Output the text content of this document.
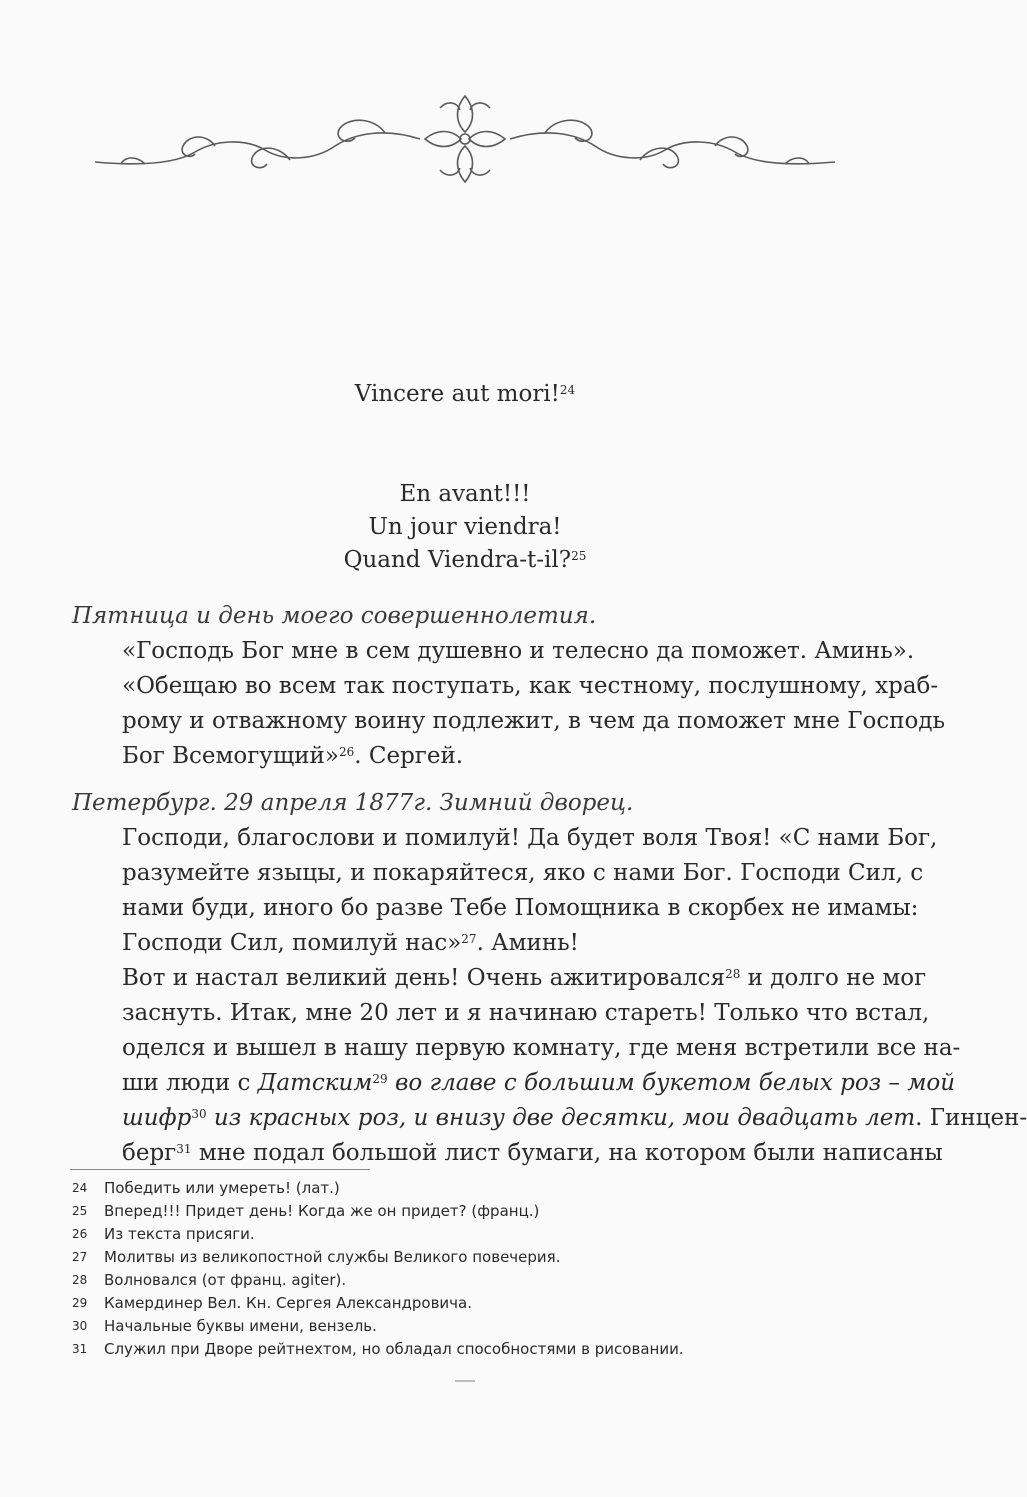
Vincere aut mori!$^{24}$
En avant!!!
Un jour viendra!
Quand Viendra-t-il?$^{25}$
Пятница и день моего совершеннолетия.
«Господь Бог мне в сем душевно и телесно да поможет. Аминь».
«Обещаю во всем так поступать, как честному, послушному, храб-
рому и отважному воину подлежит, в чем да поможет мне Господь
Бог Всемогущий»$^{26}$. Сергей.
Петербург. 29 апреля 1877г. Зимний дворец.
Господи, благослови и помилуй! Да будет воля Твоя! «С нами Бог,
разумейте языцы, и покаряйтеся, яко с нами Бог. Господи Сил, с
нами буди, иного бо разве Тебе Помощника в скорбех не имамы:
Господи Сил, помилуй нас»$^{27}$. Аминь!
Вот и настал великий день! Очень ажитировался$^{28}$ и долго не мог
заснуть. Итак, мне 20 лет и я начинаю стареть! Только что встал,
оделся и вышел в нашу первую комнату, где меня встретили все на-
ши люди с Датским$^{29}$ во главе с большим букетом белых роз – мой
шифр$^{30}$ из красных роз, и внизу две десятки, мои двадцать лет. Гинцен-
берг$^{31}$ мне подал большой лист бумаги, на котором были написаны
24 Победить или умереть! (лат.)
25 Вперед!!! Придет день! Когда же он придет? (франц.)
26 Из текста присяги.
27 Молитвы из великопостной службы Великого повечерия.
28 Волновался (от франц. agiter).
29 Камердинер Вел. Кн. Сергея Александровича.
30 Начальные буквы имени, вензель.
31 Служил при Дворе рейтнехтом, но обладал способностями в рисовании.
